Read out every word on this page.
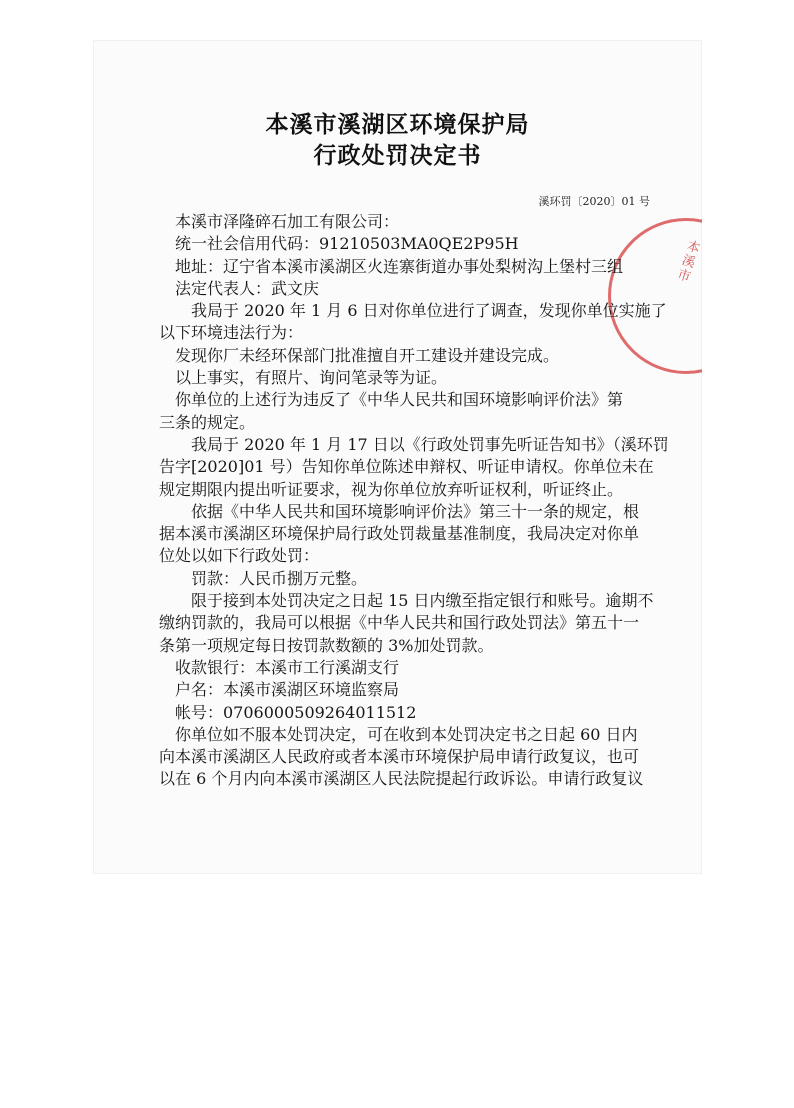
本溪市溪湖区环境保护局
行政处罚决定书
溪环罚〔2020〕01 号
本溪市
本溪市泽隆碎石加工有限公司：
统一社会信用代码：91210503MA0QE2P95H
地址：辽宁省本溪市溪湖区火连寨街道办事处梨树沟上堡村三组
法定代表人：武文庆
我局于 2020 年 1 月 6 日对你单位进行了调查，发现你单位实施了
以下环境违法行为：
发现你厂未经环保部门批准擅自开工建设并建设完成。
以上事实，有照片、询问笔录等为证。
你单位的上述行为违反了《中华人民共和国环境影响评价法》第
三条的规定。
我局于 2020 年 1 月 17 日以《行政处罚事先听证告知书》（溪环罚
告字[2020]01 号）告知你单位陈述申辩权、听证申请权。你单位未在
规定期限内提出听证要求，视为你单位放弃听证权利，听证终止。
依据《中华人民共和国环境影响评价法》第三十一条的规定，根
据本溪市溪湖区环境保护局行政处罚裁量基准制度，我局决定对你单
位处以如下行政处罚：
罚款：人民币捌万元整。
限于接到本处罚决定之日起 15 日内缴至指定银行和账号。逾期不
缴纳罚款的，我局可以根据《中华人民共和国行政处罚法》第五十一
条第一项规定每日按罚款数额的 3%加处罚款。
收款银行：本溪市工行溪湖支行
户名：本溪市溪湖区环境监察局
帐号：0706000509264011512
你单位如不服本处罚决定，可在收到本处罚决定书之日起 60 日内
向本溪市溪湖区人民政府或者本溪市环境保护局申请行政复议，也可
以在 6 个月内向本溪市溪湖区人民法院提起行政诉讼。申请行政复议
